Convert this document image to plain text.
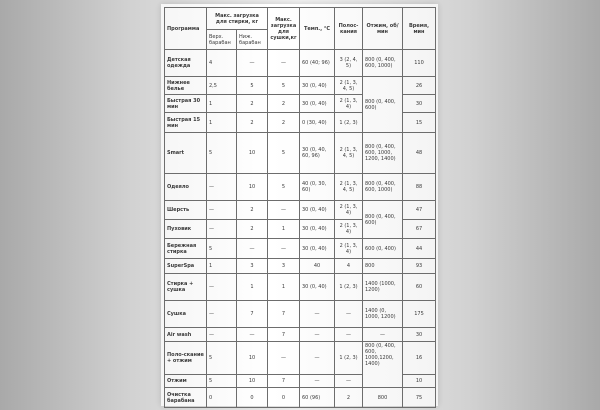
Программа	Макс. загрузка для стирки, кг		Макс. загрузка для сушки,кг	Темп., °С	Полос-кания	Отжим, об/мин	Время, мин
	Верх. барабан	Ниж. барабан					
Детская одежда	4	—	—	60 (40; 96)	3 (2, 4, 5)	800 (0, 400, 600, 1000)	110
Нижнее белье	2,5	5	5	30 (0, 40)	2 (1, 3, 4, 5)	800 (0, 400, 600)	26
Быстрая 30 мин	1	2	2	30 (0, 40)	2 (1, 3, 4)		30
Быстрая 15 мин	1	2	2	0 (30, 40)	1 (2, 3)		15
Smart	5	10	5	30 (0, 40, 60, 96)	2 (1, 3, 4, 5)	800 (0, 400, 600, 1000, 1200, 1400)	48
Одеяло	—	10	5	40 (0, 30, 60)	2 (1, 3, 4, 5)	800 (0, 400, 600, 1000)	88
Шерсть	—	2	—	30 (0, 40)	2 (1, 3, 4)	800 (0, 400, 600)	47
Пуховик	—	2	1	30 (0, 40)	2 (1, 3, 4)		67
Бережная стирка	5	—	—	30 (0, 40)	2 (1, 3, 4)	600 (0, 400)	44
SuperSpa	1	3	3	40	4	800	93
Стирка + сушка	—	1	1	30 (0, 40)	1 (2, 3)	1400 (1000, 1200)	60
Сушка	—	7	7	—	—	1400 (0, 1000, 1200)	175
Air wash	—	—	7	—	—	—	30
Поло-скание + отжим	5	10	—	—	1 (2, 3)	800 (0, 400, 600, 1000,1200, 1400)	16
Отжим	5	10	7	—	—		10
Очистка барабана	0	0	0	60 (96)	2	800	75
